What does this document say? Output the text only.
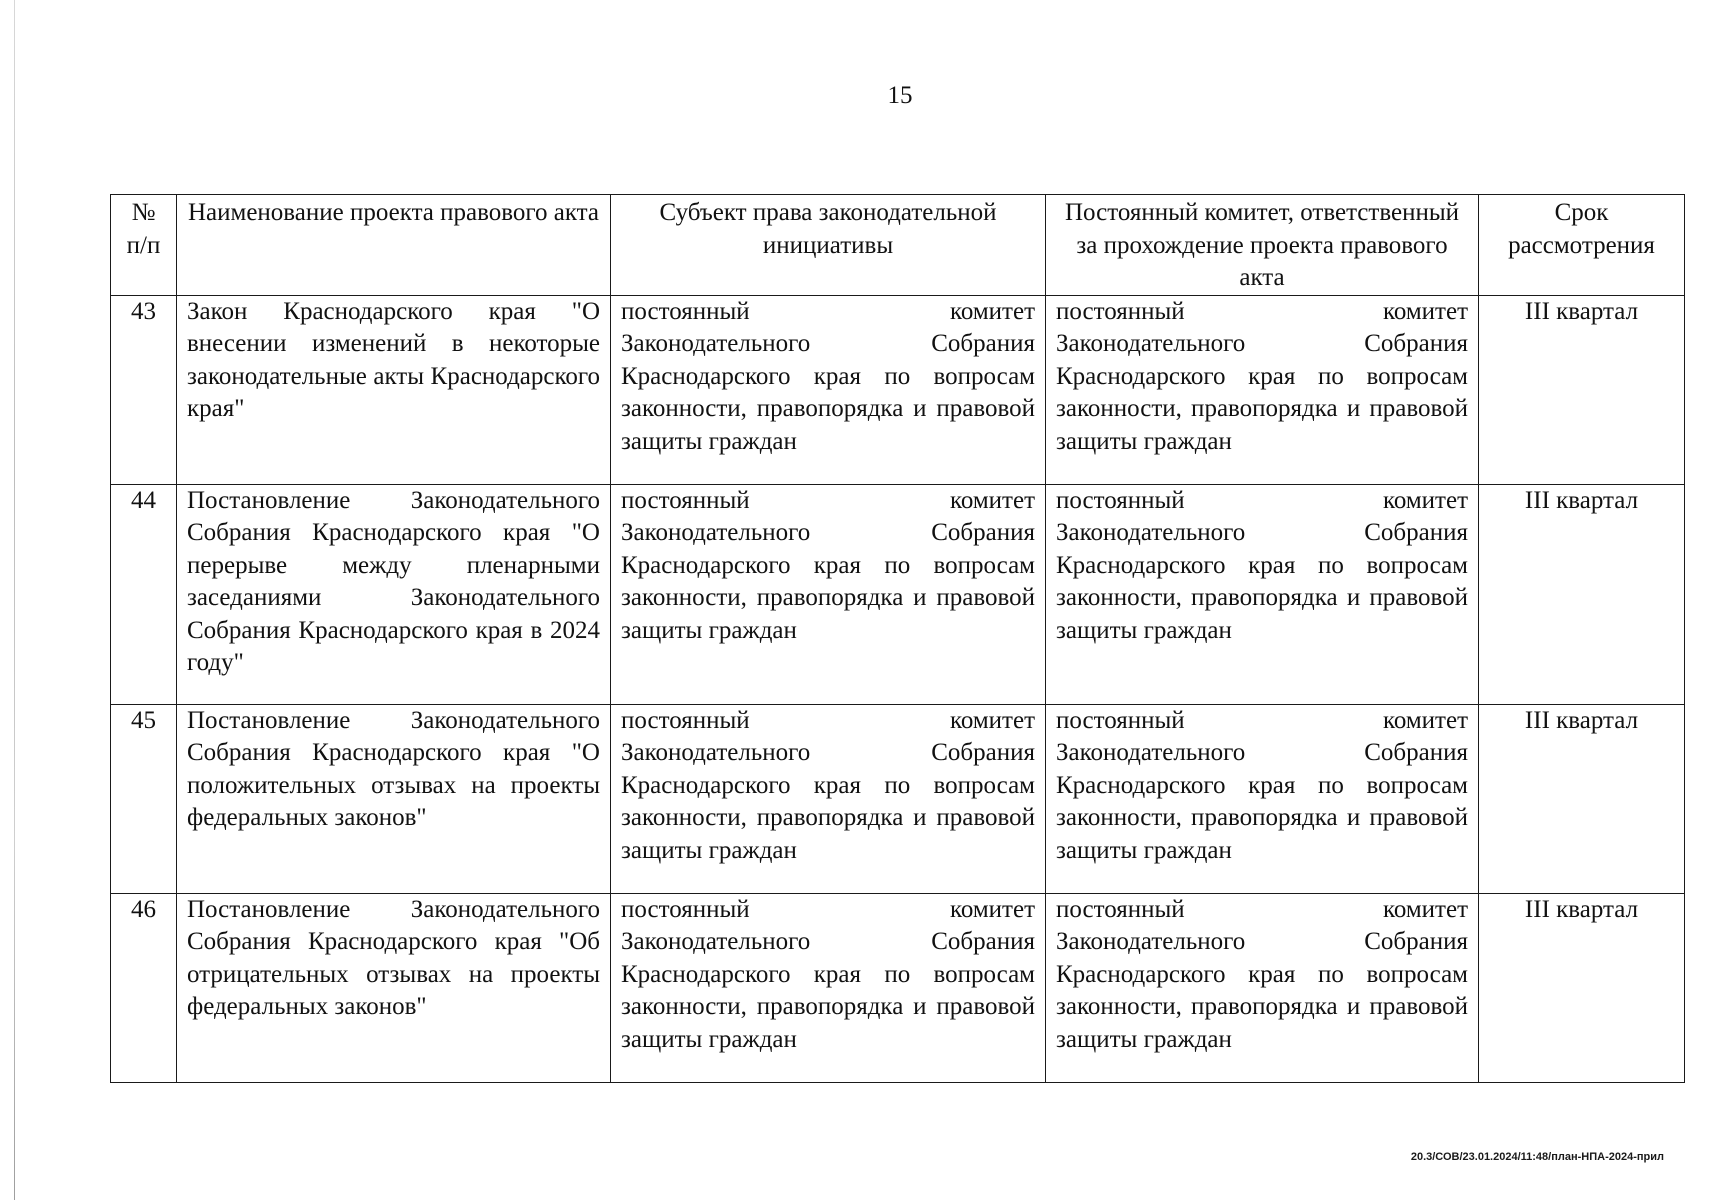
15
№ п/п	Наименование проекта правового акта	Субъект права законодательной инициативы	Постоянный комитет, ответственный за прохождение проекта правового акта	Срок рассмотрения
43	Закон Краснодарского края "О внесении изменений в некоторые законодательные акты Краснодарского края"	постоянный комитет Законодательного Собрания Краснодарского края по вопросам законности, правопорядка и правовой защиты граждан	постоянный комитет Законодательного Собрания Краснодарского края по вопросам законности, правопорядка и правовой защиты граждан	III квартал
44	Постановление Законодательного Собрания Краснодарского края "О перерыве между пленарными заседаниями Законодательного Собрания Краснодарского края в 2024 году"	постоянный комитет Законодательного Собрания Краснодарского края по вопросам законности, правопорядка и правовой защиты граждан	постоянный комитет Законодательного Собрания Краснодарского края по вопросам законности, правопорядка и правовой защиты граждан	III квартал
45	Постановление Законодательного Собрания Краснодарского края "О положительных отзывах на проекты федеральных законов"	постоянный комитет Законодательного Собрания Краснодарского края по вопросам законности, правопорядка и правовой защиты граждан	постоянный комитет Законодательного Собрания Краснодарского края по вопросам законности, правопорядка и правовой защиты граждан	III квартал
46	Постановление Законодательного Собрания Краснодарского края "Об отрицательных отзывах на проекты федеральных законов"	постоянный комитет Законодательного Собрания Краснодарского края по вопросам законности, правопорядка и правовой защиты граждан	постоянный комитет Законодательного Собрания Краснодарского края по вопросам законности, правопорядка и правовой защиты граждан	III квартал
20.3/СОВ/23.01.2024/11:48/план-НПА-2024-прил
